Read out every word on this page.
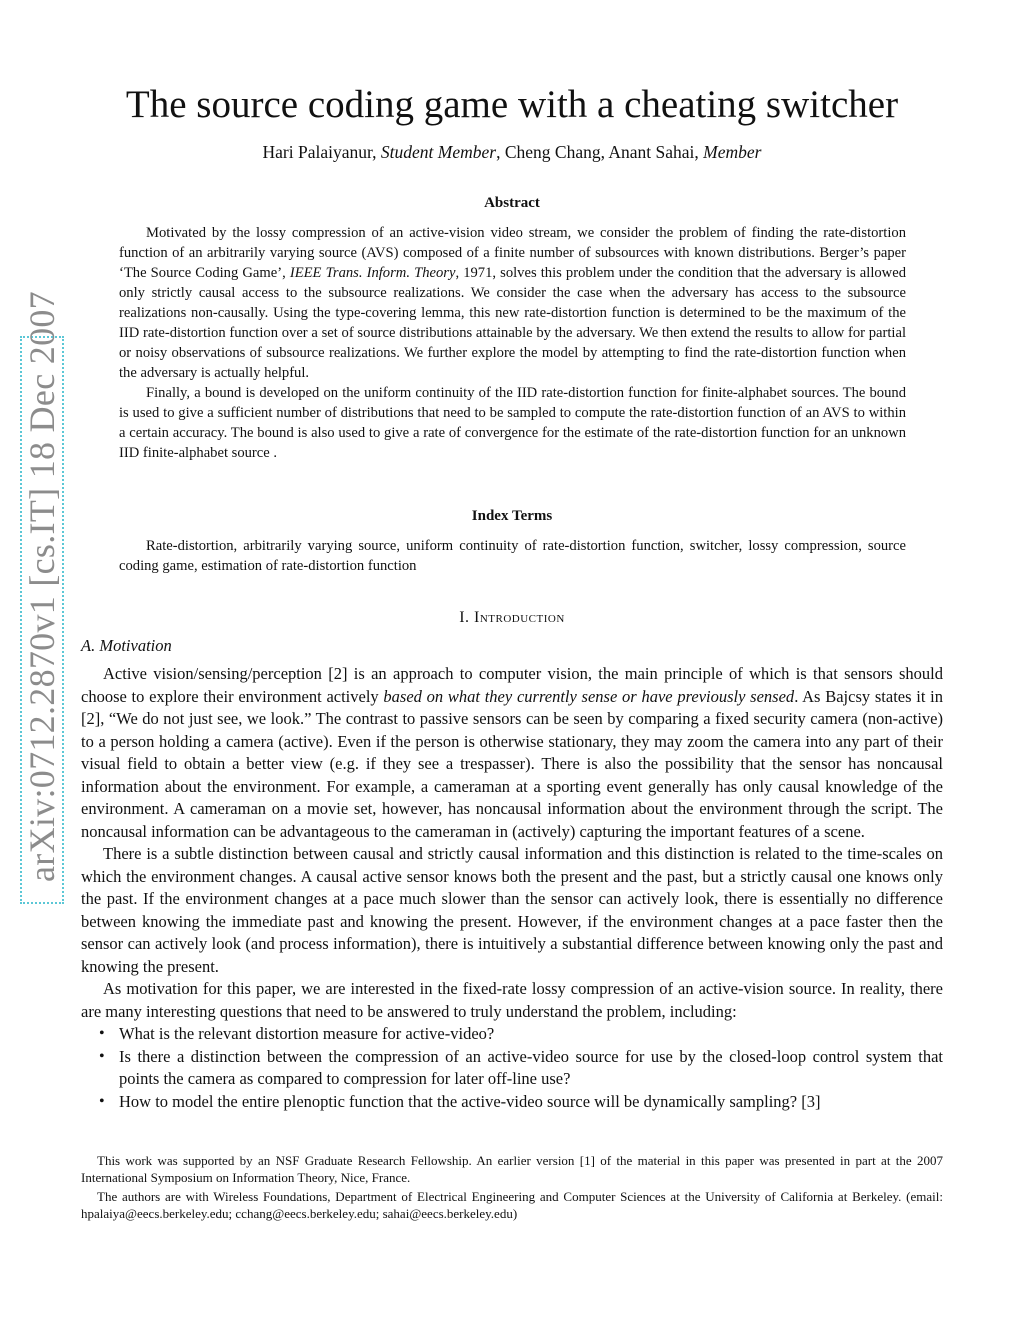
arXiv:0712.2870v1 [cs.IT] 18 Dec 2007
The source coding game with a cheating switcher
Hari Palaiyanur, Student Member, Cheng Chang, Anant Sahai, Member
Abstract

Motivated by the lossy compression of an active-vision video stream, we consider the problem of finding the rate-distortion function of an arbitrarily varying source (AVS) composed of a finite number of subsources with known distributions. Berger’s paper ‘The Source Coding Game’, IEEE Trans. Inform. Theory, 1971, solves this problem under the condition that the adversary is allowed only strictly causal access to the subsource realizations. We consider the case when the adversary has access to the subsource realizations non-causally. Using the type-covering lemma, this new rate-distortion function is determined to be the maximum of the IID rate-distortion function over a set of source distributions attainable by the adversary. We then extend the results to allow for partial or noisy observations of subsource realizations. We further explore the model by attempting to find the rate-distortion function when the adversary is actually helpful.

Finally, a bound is developed on the uniform continuity of the IID rate-distortion function for finite-alphabet sources. The bound is used to give a sufficient number of distributions that need to be sampled to compute the rate-distortion function of an AVS to within a certain accuracy. The bound is also used to give a rate of convergence for the estimate of the rate-distortion function for an unknown IID finite-alphabet source .

Index Terms

Rate-distortion, arbitrarily varying source, uniform continuity of rate-distortion function, switcher, lossy compression, source coding game, estimation of rate-distortion function

I. Introduction
A. Motivation

Active vision/sensing/perception [2] is an approach to computer vision, the main principle of which is that sensors should choose to explore their environment actively based on what they currently sense or have previously sensed. As Bajcsy states it in [2], “We do not just see, we look.” The contrast to passive sensors can be seen by comparing a fixed security camera (non-active) to a person holding a camera (active). Even if the person is otherwise stationary, they may zoom the camera into any part of their visual field to obtain a better view (e.g. if they see a trespasser). There is also the possibility that the sensor has noncausal information about the environment. For example, a cameraman at a sporting event generally has only causal knowledge of the environment. A cameraman on a movie set, however, has noncausal information about the environment through the script. The noncausal information can be advantageous to the cameraman in (actively) capturing the important features of a scene.

There is a subtle distinction between causal and strictly causal information and this distinction is related to the time-scales on which the environment changes. A causal active sensor knows both the present and the past, but a strictly causal one knows only the past. If the environment changes at a pace much slower than the sensor can actively look, there is essentially no difference between knowing the immediate past and knowing the present. However, if the environment changes at a pace faster then the sensor can actively look (and process information), there is intuitively a substantial difference between knowing only the past and knowing the present.

As motivation for this paper, we are interested in the fixed-rate lossy compression of an active-vision source. In reality, there are many interesting questions that need to be answered to truly understand the problem, including:

• What is the relevant distortion measure for active-video?
• Is there a distinction between the compression of an active-video source for use by the closed-loop control system that points the camera as compared to compression for later off-line use?
• How to model the entire plenoptic function that the active-video source will be dynamically sampling? [3]

This work was supported by an NSF Graduate Research Fellowship. An earlier version [1] of the material in this paper was presented in part at the 2007 International Symposium on Information Theory, Nice, France.

The authors are with Wireless Foundations, Department of Electrical Engineering and Computer Sciences at the University of California at Berkeley. (email: hpalaiya@eecs.berkeley.edu; cchang@eecs.berkeley.edu; sahai@eecs.berkeley.edu)
